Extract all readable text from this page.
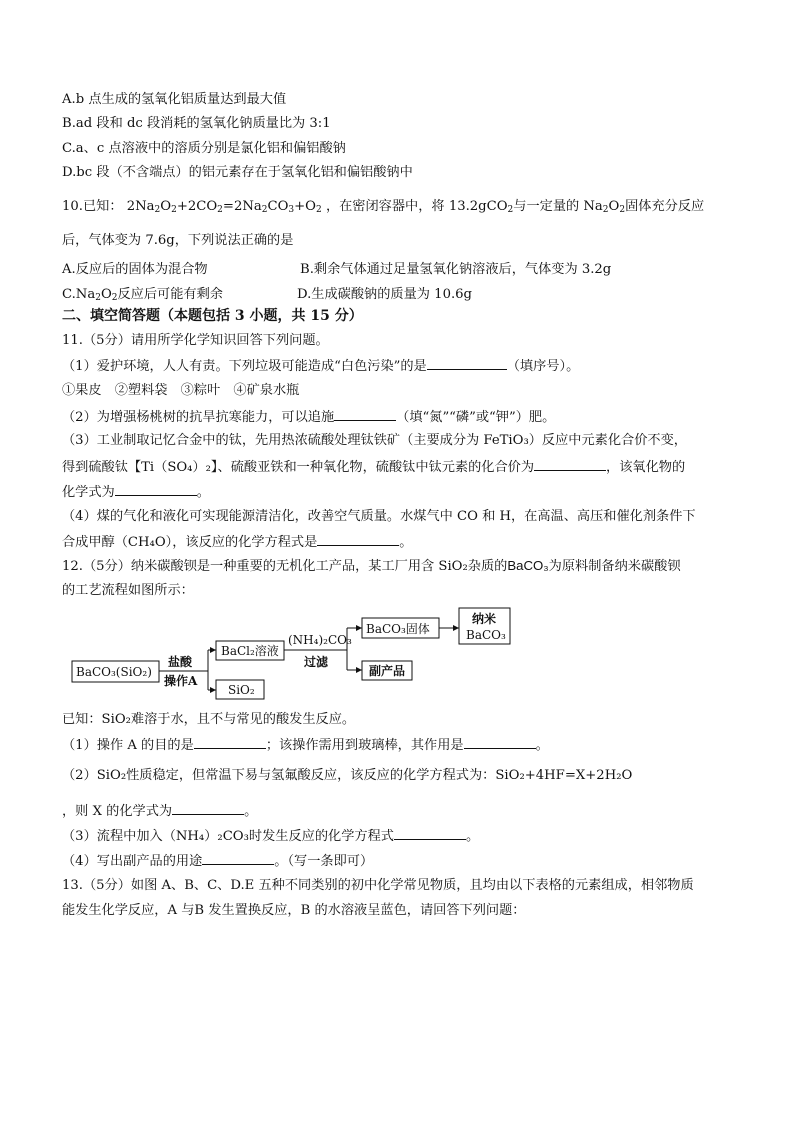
A.b 点生成的氢氧化铝质量达到最大值
B.ad 段和 dc 段消耗的氢氧化钠质量比为 3:1
C.a、c 点溶液中的溶质分别是氯化铝和偏铝酸钠
D.bc 段（不含端点）的铝元素存在于氢氧化铝和偏铝酸钠中
10.已知： $2Na_2O_2+2CO_2=2Na_2CO_3+O_2$ ，在密闭容器中，将 13.2gCO$_2$与一定量的 $Na_2O_2$固体充分反应
后，气体变为 7.6g，下列说法正确的是
A.反应后的固体为混合物	B.剩余气体通过足量氢氧化钠溶液后，气体变为 3.2g
$C.Na_2O_2$反应后可能有剩余	D.生成碳酸钠的质量为 10.6g
二、填空简答题（本题包括 3 小题，共 15 分）
11.（5分）请用所学化学知识回答下列问题。
（1）爱护环境，人人有责。下列垃圾可能造成“白色污染”的是	（填序号）。
①果皮　②塑料袋　③粽叶　④矿泉水瓶
（2）为增强杨桃树的抗旱抗寒能力，可以追施	（填“氮”“磷”或“钾”）肥。
（3）工业制取记忆合金中的钛，先用热浓硫酸处理钛铁矿（主要成分为 FeTiO₃）反应中元素化合价不变，
得到硫酸钛【Ti（SO₄）₂】、硫酸亚铁和一种氧化物，硫酸钛中钛元素的化合价为	，该氧化物的
化学式为	。
（4）煤的气化和液化可实现能源清洁化，改善空气质量。水煤气中 CO 和 H，在高温、高压和催化剂条件下
合成甲醇（CH₄O），该反应的化学方程式是	。
12.（5分）纳米碳酸钡是一种重要的无机化工产品，某工厂用含 SiO₂杂质的BaCO₃为原料制备纳米碳酸钡
的工艺流程如图所示：
BaCO₃(SiO₂)
盐酸
操作A
BaCl₂溶液
SiO₂
(NH₄)₂CO₃
过滤
BaCO₃固体
副产品
纳米
BaCO₃
已知：SiO₂难溶于水，且不与常见的酸发生反应。
（1）操作 A 的目的是	；该操作需用到玻璃棒，其作用是	。
（2）SiO₂性质稳定，但常温下易与氢氟酸反应，该反应的化学方程式为：SiO₂+4HF=X+2H₂O
，则 X 的化学式为	。
（3）流程中加入（NH₄）₂CO₃时发生反应的化学方程式	。
（4）写出副产品的用途	。（写一条即可）
13.（5分）如图 A、B、C、D.E 五种不同类别的初中化学常见物质，且均由以下表格的元素组成，相邻物质
能发生化学反应，A 与B 发生置换反应，B 的水溶液呈蓝色，请回答下列问题：
